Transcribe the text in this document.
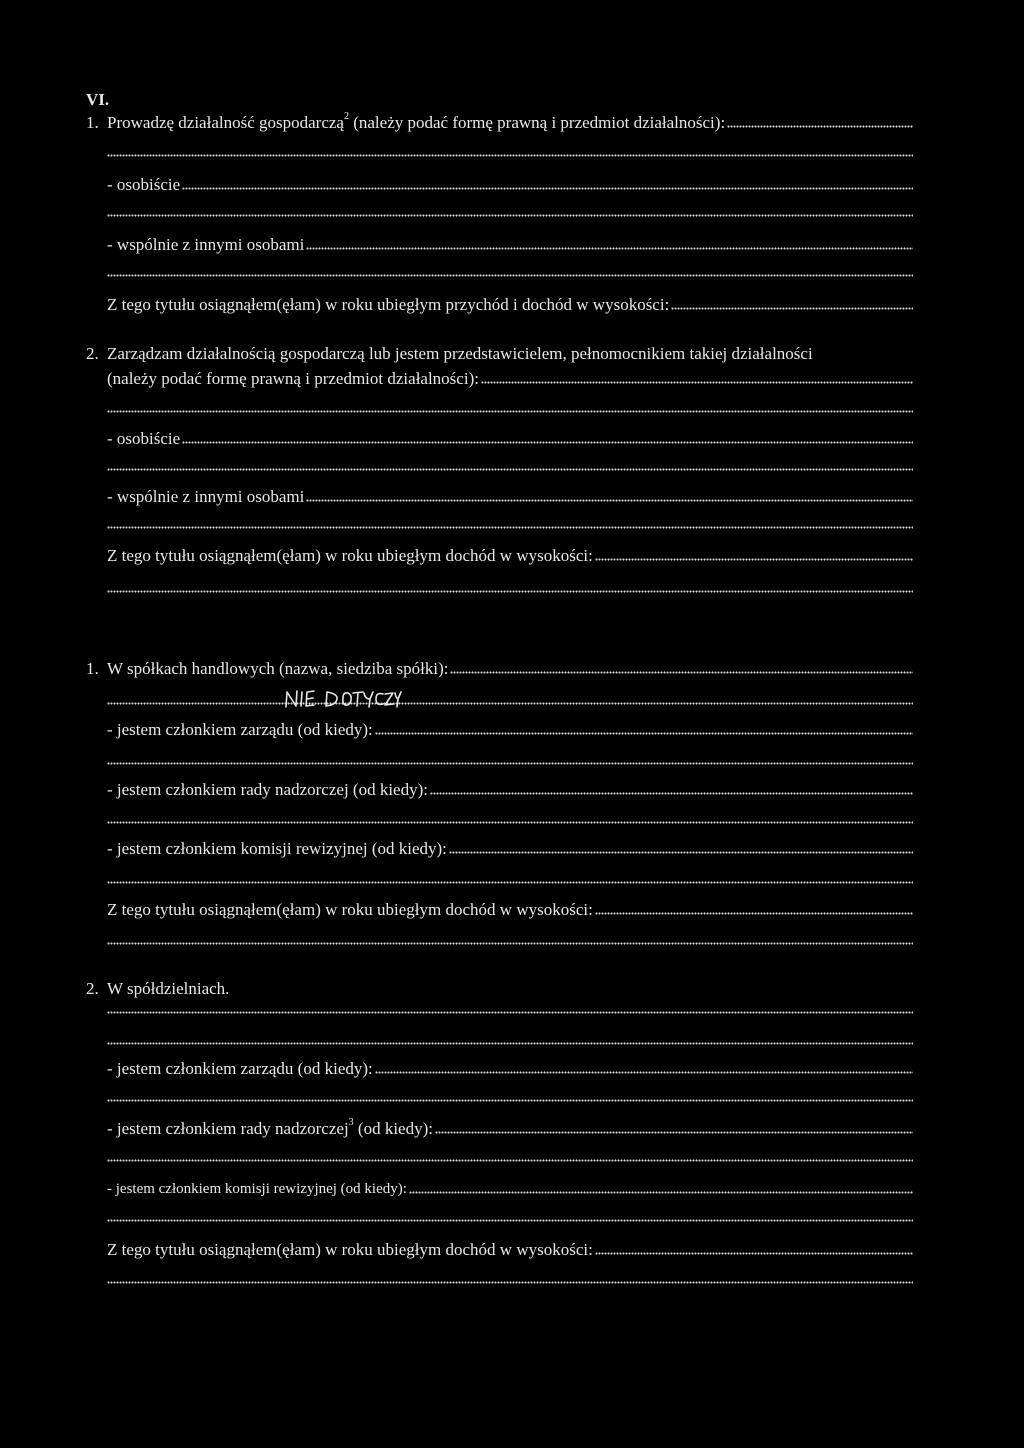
VI.
1. Prowadzę działalność gospodarczą$^2$ (należy podać formę prawną i przedmiot działalności):
- osobiście
- wspólnie z innymi osobami
Z tego tytułu osiągnąłem(ęłam) w roku ubiegłym przychód i dochód w wysokości:
2. Zarządzam działalnością gospodarczą lub jestem przedstawicielem, pełnomocnikiem takiej działalności
(należy podać formę prawną i przedmiot działalności):
- osobiście
- wspólnie z innymi osobami
Z tego tytułu osiągnąłem(ęłam) w roku ubiegłym dochód w wysokości:
1. W spółkach handlowych (nazwa, siedziba spółki):
- jestem członkiem zarządu (od kiedy):
- jestem członkiem rady nadzorczej (od kiedy):
- jestem członkiem komisji rewizyjnej (od kiedy):
Z tego tytułu osiągnąłem(ęłam) w roku ubiegłym dochód w wysokości:
2. W spółdzielniach.
- jestem członkiem zarządu (od kiedy):
- jestem członkiem rady nadzorczej$^3$ (od kiedy):
- jestem członkiem komisji rewizyjnej (od kiedy):
Z tego tytułu osiągnąłem(ęłam) w roku ubiegłym dochód w wysokości:
